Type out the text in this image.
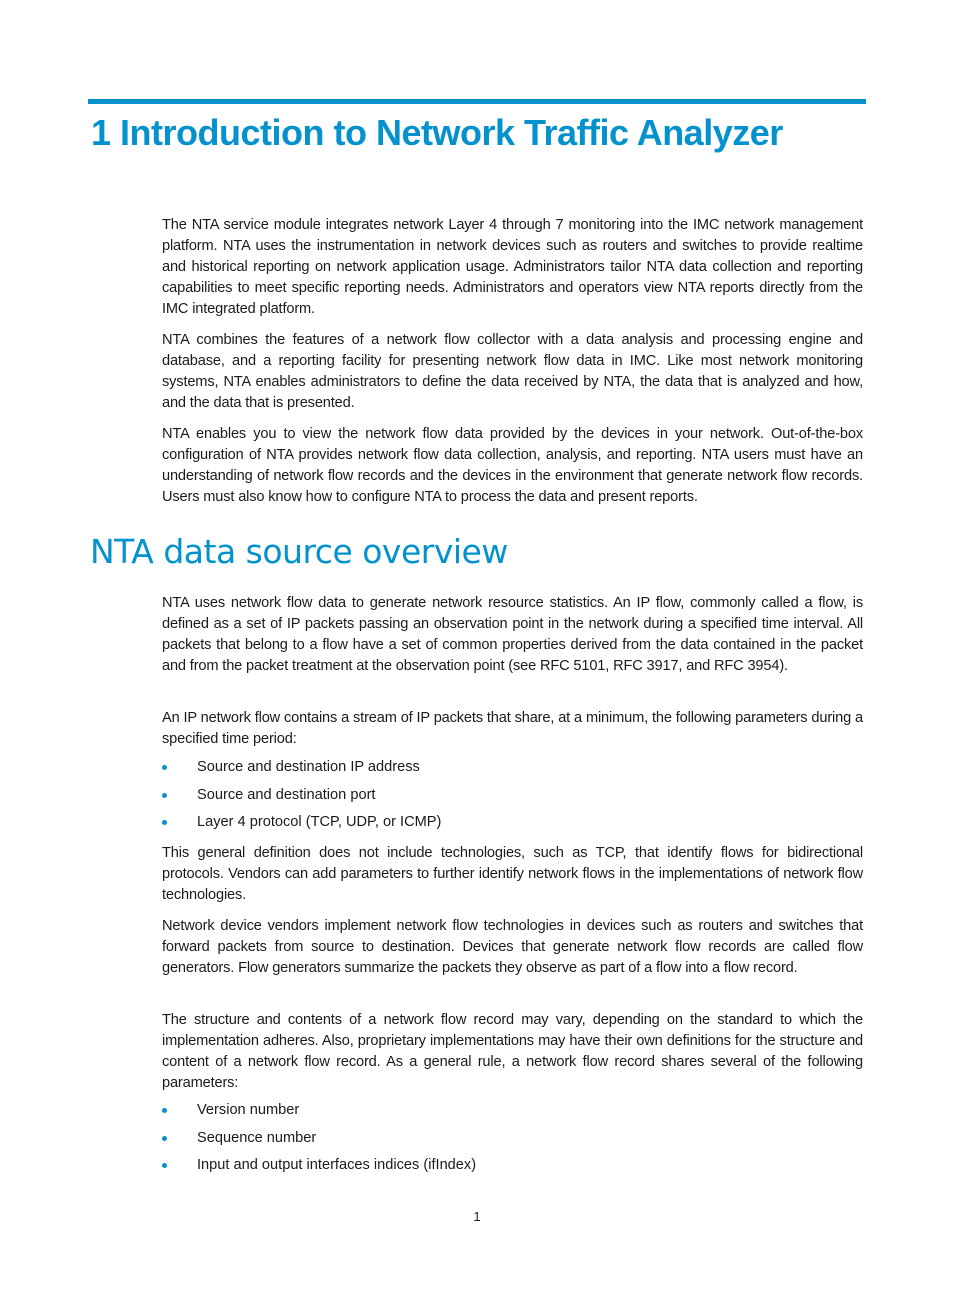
1 Introduction to Network Traffic Analyzer

The NTA service module integrates network Layer 4 through 7 monitoring into the IMC network management platform. NTA uses the instrumentation in network devices such as routers and switches to provide realtime and historical reporting on network application usage. Administrators tailor NTA data collection and reporting capabilities to meet specific reporting needs. Administrators and operators view NTA reports directly from the IMC integrated platform.

NTA combines the features of a network flow collector with a data analysis and processing engine and database, and a reporting facility for presenting network flow data in IMC. Like most network monitoring systems, NTA enables administrators to define the data received by NTA, the data that is analyzed and how, and the data that is presented.

NTA enables you to view the network flow data provided by the devices in your network. Out-of-the-box configuration of NTA provides network flow data collection, analysis, and reporting. NTA users must have an understanding of network flow records and the devices in the environment that generate network flow records. Users must also know how to configure NTA to process the data and present reports.

NTA data source overview

NTA uses network flow data to generate network resource statistics. An IP flow, commonly called a flow, is defined as a set of IP packets passing an observation point in the network during a specified time interval. All packets that belong to a flow have a set of common properties derived from the data contained in the packet and from the packet treatment at the observation point (see RFC 5101, RFC 3917, and RFC 3954).

An IP network flow contains a stream of IP packets that share, at a minimum, the following parameters during a specified time period:

Source and destination IP address
Source and destination port
Layer 4 protocol (TCP, UDP, or ICMP)

This general definition does not include technologies, such as TCP, that identify flows for bidirectional protocols. Vendors can add parameters to further identify network flows in the implementations of network flow technologies.

Network device vendors implement network flow technologies in devices such as routers and switches that forward packets from source to destination. Devices that generate network flow records are called flow generators. Flow generators summarize the packets they observe as part of a flow into a flow record.

The structure and contents of a network flow record may vary, depending on the standard to which the implementation adheres. Also, proprietary implementations may have their own definitions for the structure and content of a network flow record. As a general rule, a network flow record shares several of the following parameters:

Version number
Sequence number
Input and output interfaces indices (ifIndex)
1
